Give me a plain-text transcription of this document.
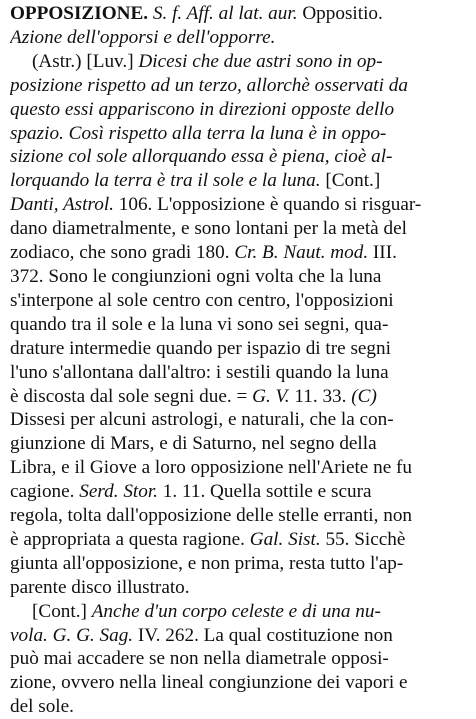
OPPOSIZIONE. S. f. Aff. al lat. aur. Oppositio.
Azione dell'opporsi e dell'opporre.
(Astr.) [Luv.] Dicesi che due astri sono in op-
posizione rispetto ad un terzo, allorchè osservati da
questo essi appariscono in direzioni opposte dello
spazio. Così rispetto alla terra la luna è in oppo-
sizione col sole allorquando essa è piena, cioè al-
lorquando la terra è tra il sole e la luna. [Cont.]
Danti, Astrol. 106. L'opposizione è quando si risguar-
dano diametralmente, e sono lontani per la metà del
zodiaco, che sono gradi 180. Cr. B. Naut. mod. III.
372. Sono le congiunzioni ogni volta che la luna
s'interpone al sole centro con centro, l'opposizioni
quando tra il sole e la luna vi sono sei segni, qua-
drature intermedie quando per ispazio di tre segni
l'uno s'allontana dall'altro: i sestili quando la luna
è discosta dal sole segni due. = G. V. 11. 33. (C)
Dissesi per alcuni astrologi, e naturali, che la con-
giunzione di Mars, e di Saturno, nel segno della
Libra, e il Giove a loro opposizione nell'Ariete ne fu
cagione. Serd. Stor. 1. 11. Quella sottile e scura
regola, tolta dall'opposizione delle stelle erranti, non
è appropriata a questa ragione. Gal. Sist. 55. Sicchè
giunta all'opposizione, e non prima, resta tutto l'ap-
parente disco illustrato.
[Cont.] Anche d'un corpo celeste e di una nu-
vola. G. G. Sag. IV. 262. La qual costituzione non
può mai accadere se non nella diametrale opposi-
zione, ovvero nella lineal congiunzione dei vapori e
del sole.
